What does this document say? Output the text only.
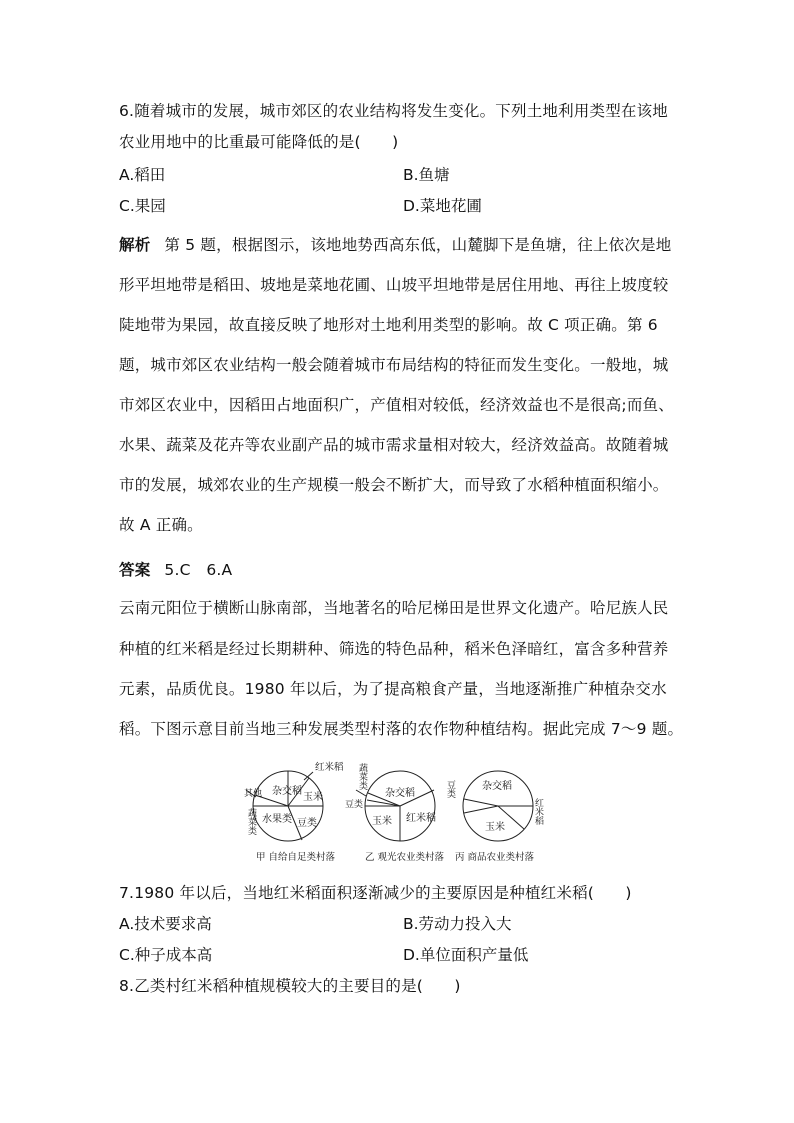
6.随着城市的发展，城市郊区的农业结构将发生变化。下列土地利用类型在该地
农业用地中的比重最可能降低的是(　　)
A.稻田	B.鱼塘
C.果园	D.菜地花圃
解析 第 5 题，根据图示，该地地势西高东低，山麓脚下是鱼塘，往上依次是地
形平坦地带是稻田、坡地是菜地花圃、山坡平坦地带是居住用地、再往上坡度较
陡地带为果园，故直接反映了地形对土地利用类型的影响。故 C 项正确。第 6
题，城市郊区农业结构一般会随着城市布局结构的特征而发生变化。一般地，城
市郊区农业中，因稻田占地面积广，产值相对较低，经济效益也不是很高;而鱼、
水果、蔬菜及花卉等农业副产品的城市需求量相对较大，经济效益高。故随着城
市的发展，城郊农业的生产规模一般会不断扩大，而导致了水稻种植面积缩小。
故 A 正确。
答案 5.C　6.A
云南元阳位于横断山脉南部，当地著名的哈尼梯田是世界文化遗产。哈尼族人民
种植的红米稻是经过长期耕种、筛选的特色品种，稻米色泽暗红，富含多种营养
元素，品质优良。1980 年以后，为了提高粮食产量，当地逐渐推广种植杂交水
稻。下图示意目前当地三种发展类型村落的农作物种植结构。据此完成 7～9 题。
红米稻
杂交稻
玉米
其他
蔬菜类 水果类 豆类
蔬菜类
豆类
杂交稻
玉米 红米稻
豆类	杂交稻
红米稻
玉米
甲 自给自足类村落	乙 观光农业类村落 丙 商品农业类村落
7.1980 年以后，当地红米稻面积逐渐减少的主要原因是种植红米稻(　　)
A.技术要求高	B.劳动力投入大
C.种子成本高	D.单位面积产量低
8.乙类村红米稻种植规模较大的主要目的是(　　)
